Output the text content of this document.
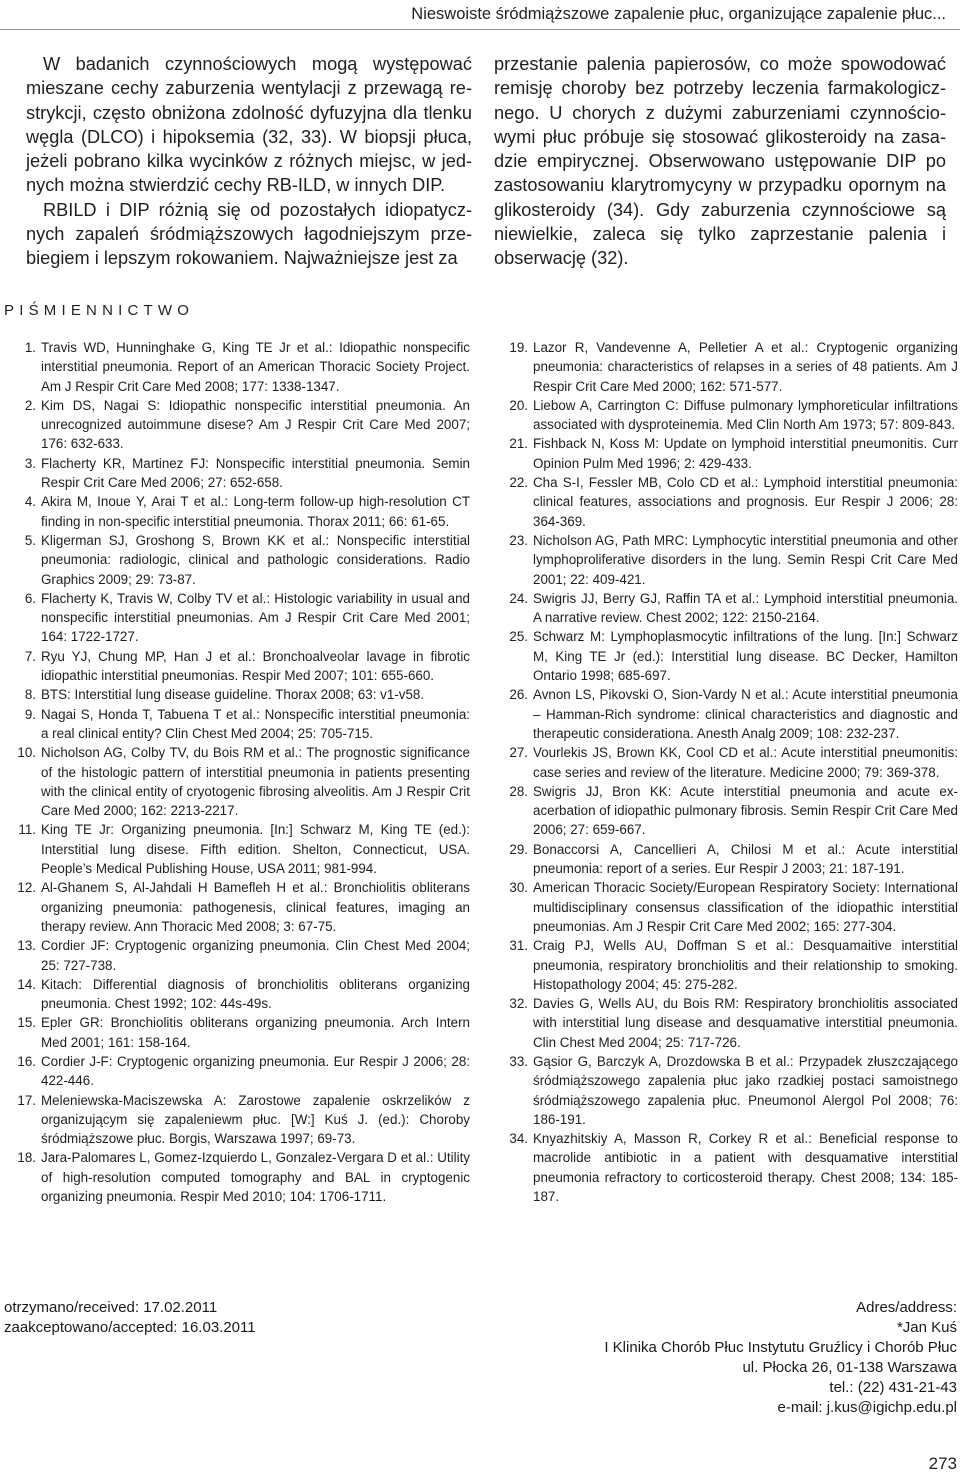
Nieswoiste śródmiąższowe zapalenie płuc, organizujące zapalenie płuc...

W badanich czynnościowych mogą występować mieszane cechy zaburzenia wentylacji z przewagą restrykcji, często obniżona zdolność dyfuzyjna dla tlenku węgla (DLCO) i hipoksemia (32, 33). W biopsji płuca, jeżeli pobrano kilka wycinków z różnych miejsc, w jednych można stwierdzić cechy RB-ILD, w innych DIP.

RBILD i DIP różnią się od pozostałych idiopatycznych zapaleń śródmiąższowych łagodniejszym przebiegiem i lepszym rokowaniem. Najważniejsze jest za

przestanie palenia papierosów, co może spowodować remisję choroby bez potrzeby leczenia farmakologicznego. U chorych z dużymi zaburzeniami czynnościowymi płuc próbuje się stosować glikosteroidy na zasadzie empirycznej. Obserwowano ustępowanie DIP po zastosowaniu klarytromycyny w przypadku opornym na glikosteroidy (34). Gdy zaburzenia czynnościowe są niewielkie, zaleca się tylko zaprzestanie palenia i obserwację (32).

PIŚMIENNICTWO
1. Travis WD, Hunninghake G, King TE Jr et al.: Idiopathic nonspecific interstitial pneumonia. Report of an American Thoracic Society Project. Am J Respir Crit Care Med 2008; 177: 1338-1347.
2. Kim DS, Nagai S: Idiopathic nonspecific interstitial pneumonia. An unrecognized autoimmune disese? Am J Respir Crit Care Med 2007; 176: 632-633.
3. Flacherty KR, Martinez FJ: Nonspecific interstitial pneumonia. Semin Respir Crit Care Med 2006; 27: 652-658.
4. Akira M, Inoue Y, Arai T et al.: Long-term follow-up high-resolution CT finding in non-specific interstitial pneumonia. Thorax 2011; 66: 61-65.
5. Kligerman SJ, Groshong S, Brown KK et al.: Nonspecific interstitial pneumonia: radiologic, clinical and pathologic considerations. Radio Graphics 2009; 29: 73-87.
6. Flacherty K, Travis W, Colby TV et al.: Histologic variability in usual and nonspecific interstitial pneumonias. Am J Respir Crit Care Med 2001; 164: 1722-1727.
7. Ryu YJ, Chung MP, Han J et al.: Bronchoalveolar lavage in fibrotic idiopathic interstitial pneumonias. Respir Med 2007; 101: 655-660.
8. BTS: Interstitial lung disease guideline. Thorax 2008; 63: v1-v58.
9. Nagai S, Honda T, Tabuena T et al.: Nonspecific interstitial pneumonia: a real clinical entity? Clin Chest Med 2004; 25: 705-715.
10. Nicholson AG, Colby TV, du Bois RM et al.: The prognostic significance of the histologic pattern of interstitial pneumonia in patients presenting with the clinical entity of cryotogenic fibrosing alveolitis. Am J Respir Crit Care Med 2000; 162: 2213-2217.
11. King TE Jr: Organizing pneumonia. [In:] Schwarz M, King TE (ed.): Interstitial lung disese. Fifth edition. Shelton, Connecticut, USA. People’s Medical Publishing House, USA 2011; 981-994.
12. Al-Ghanem S, Al-Jahdali H Bamefleh H et al.: Bronchiolitis obliterans organizing pneumonia: pathogenesis, clinical features, imaging an therapy review. Ann Thoracic Med 2008; 3: 67-75.
13. Cordier JF: Cryptogenic organizing pneumonia. Clin Chest Med 2004; 25: 727-738.
14. Kitach: Differential diagnosis of bronchiolitis obliterans organizing pneumonia. Chest 1992; 102: 44s-49s.
15. Epler GR: Bronchiolitis obliterans organizing pneumonia. Arch Intern Med 2001; 161: 158-164.
16. Cordier J-F: Cryptogenic organizing pneumonia. Eur Respir J 2006; 28: 422-446.
17. Meleniewska-Maciszewska A: Zarostowe zapalenie oskrzelików z organizującym się zapaleniewm płuc. [W:] Kuś J. (ed.): Choroby śródmiąższowe płuc. Borgis, Warszawa 1997; 69-73.
18. Jara-Palomares L, Gomez-Izquierdo L, Gonzalez-Vergara D et al.: Utility of high-resolution computed tomography and BAL in cryptogenic organizing pneumonia. Respir Med 2010; 104: 1706-1711.
19. Lazor R, Vandevenne A, Pelletier A et al.: Cryptogenic organizing pneumonia: characteristics of relapses in a series of 48 patients. Am J Respir Crit Care Med 2000; 162: 571-577.
20. Liebow A, Carrington C: Diffuse pulmonary lymphoreticular infiltrations associated with dysproteinemia. Med Clin North Am 1973; 57: 809-843.
21. Fishback N, Koss M: Update on lymphoid interstitial pneumonitis. Curr Opinion Pulm Med 1996; 2: 429-433.
22. Cha S-I, Fessler MB, Colo CD et al.: Lymphoid interstitial pneumonia: clinical features, associations and prognosis. Eur Respir J 2006; 28: 364-369.
23. Nicholson AG, Path MRC: Lymphocytic interstitial pneumonia and other lymphoproliferative disorders in the lung. Semin Respi Crit Care Med 2001; 22: 409-421.
24. Swigris JJ, Berry GJ, Raffin TA et al.: Lymphoid interstitial pneumonia. A narrative review. Chest 2002; 122: 2150-2164.
25. Schwarz M: Lymphoplasmocytic infiltrations of the lung. [In:] Schwarz M, King TE Jr (ed.): Interstitial lung disease. BC Decker, Hamilton Ontario 1998; 685-697.
26. Avnon LS, Pikovski O, Sion-Vardy N et al.: Acute interstitial pneumonia – Hamman-Rich syndrome: clinical characteristics and diagnostic and therapeutic considerationa. Anesth Analg 2009; 108: 232-237.
27. Vourlekis JS, Brown KK, Cool CD et al.: Acute interstitial pneumonitis: case series and review of the literature. Medicine 2000; 79: 369-378.
28. Swigris JJ, Bron KK: Acute interstitial pneumonia and acute exacerbation of idiopathic pulmonary fibrosis. Semin Respir Crit Care Med 2006; 27: 659-667.
29. Bonaccorsi A, Cancellieri A, Chilosi M et al.: Acute interstitial pneumonia: report of a series. Eur Respir J 2003; 21: 187-191.
30. American Thoracic Society/European Respiratory Society: International multidisciplinary consensus classification of the idiopathic interstitial pneumonias. Am J Respir Crit Care Med 2002; 165: 277-304.
31. Craig PJ, Wells AU, Doffman S et al.: Desquamaitive interstitial pneumonia, respiratory bronchiolitis and their relationship to smoking. Histopathology 2004; 45: 275-282.
32. Davies G, Wells AU, du Bois RM: Respiratory bronchiolitis associated with interstitial lung disease and desquamative interstitial pneumonia. Clin Chest Med 2004; 25: 717-726.
33. Gąsior G, Barczyk A, Drozdowska B et al.: Przypadek złuszczającego śródmiąższowego zapalenia płuc jako rzadkiej postaci samoistnego śródmiąższowego zapalenia płuc. Pneumonol Alergol Pol 2008; 76: 186-191.
34. Knyazhitskiy A, Masson R, Corkey R et al.: Beneficial response to macrolide antibiotic in a patient with desquamative interstitial pneumonia refractory to corticosteroid therapy. Chest 2008; 134: 185-187.
otrzymano/received: 17.02.2011
zaakceptowano/accepted: 16.03.2011
Adres/address:
*Jan Kuś
I Klinika Chorób Płuc Instytutu Gruźlicy i Chorób Płuc
ul. Płocka 26, 01-138 Warszawa
tel.: (22) 431-21-43
e-mail: j.kus@igichp.edu.pl
273
